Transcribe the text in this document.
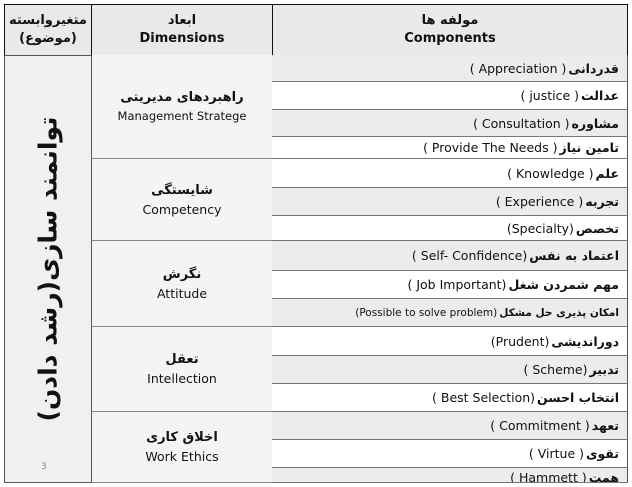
متغیروابسته
(موضوع)
ابعاد
Dimensions
مولفه ها
Components
توانمند سازی(رشد دادن)
3
راهبردهای مدیریتی
Management Stratege
شایستگی
Competency
نگرش
Attitude
تعقل
Intellection
اخلاق کاری
Work Ethics
( Appreciation ) قدردانی
( justice ) عدالت
( Consultation ) مشاوره
( Provide The Needs ) تامین نیاز
( Knowledge ) علم
( Experience ) تجربه
(Specialty) تخصص
( Self- Confidence) اعتماد به نفس
( Job Important) مهم شمردن شغل
(Possible to solve problem) امکان پذیری حل مشکل
(Prudent) دوراندیشی
( Scheme) تدبیر
( Best Selection) انتخاب احسن
( Commitment ) تعهد
( Virtue ) تقوی
( Hammett ) همت
